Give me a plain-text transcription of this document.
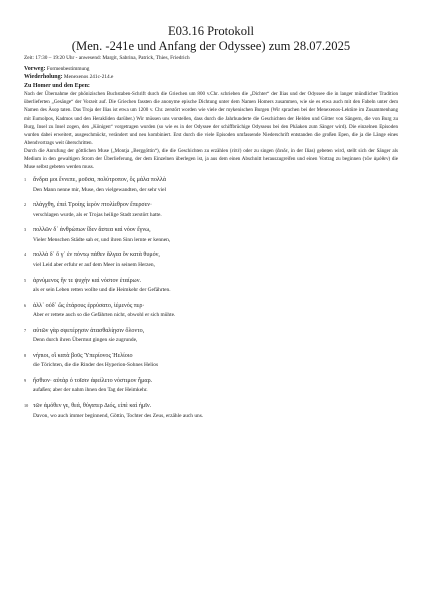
E03.16 Protokoll

(Men. -241e und Anfang der Odyssee) zum 28.07.2025

Zeit: 17:30 – 19:20 Uhr - anwesend: Margit, Sabrina, Patrick, Thies, Friedrich

Vorweg: Formenbestimmung

Wiederholung: Menexenos 241c-214.e

Zu Homer und den Epen:

Nach der Übernahme der phönizischen Buchstaben-Schrift durch die Griechen um 800 v.Chr. schrieben die „Dichter“ der Ilias und der Odyssee die in langer mündlicher Tradition überlieferten „Gesänge“ der Vorzeit auf. Die Griechen fassten die anonyme epische Dichtung unter dem Namen Homers zusammen, wie sie es etwa auch mit den Fabeln unter dem Namen des Äsop taten. Das Troja der Ilias ist etwa um 1200 v. Chr. zerstört worden wie viele der mykenischen Burgen (Wir sprachen bei der Menexenos-Lektüre im Zusammenhang mit Eumolpos, Kadmos und den Herakliden darüber.) Wir müssen uns vorstellen, dass durch die Jahrhunderte die Geschichten der Helden und Götter von Sängern, die von Burg zu Burg, Insel zu Insel zogen, den „Königen“ vorgetragen wurden (so wie es in der Odyssee der schiffbrüchige Odysseus bei den Phäaken zum Sänger wird). Die einzelnen Episoden wurden dabei erweitert, ausgeschmückt, verändert und neu kombiniert. Erst durch die viele Episoden umfassende Niederschrift entstanden die großen Epen, die ja die Länge eines Abendvortrags weit überschritten.

Durch die Anrufung der göttlichen Muse („Montja „Berggöttin“), die die Geschichten zu erzählen (εἰπέ) oder zu singen (ἄειδε, in der Ilias) gebeten wird, stellt sich der Sänger als Medium in den gewaltigen Strom der Überlieferung, der dem Einzelnen überlegen ist, ja aus dem einen Abschnitt herauszugreifen und einen Vortrag zu beginnen (τῶν ἁμόθεν) die Muse selbst gebeten werden muss.

1 ἄνδρα μοι ἔννεπε, μοῦσα, πολύτροπον, ὃς μάλα πολλὰ
Den Mann nenne mir, Muse, den vielgewandten, der sehr viel
2 πλάγχθη, ἐπεὶ Τροίης ἱερὸν πτολίεθρον ἔπερσεν·
verschlagen wurde, als er Trojas heilige Stadt zerstört hatte.
3 πολλῶν δ᾽ ἀνθρώπων ἴδεν ἄστεα καὶ νόον ἔγνω,
Vieler Menschen Städte sah er, und ihren Sinn lernte er kennen,
4 πολλὰ δ᾽ ὅ γ᾽ ἐν πόντῳ πάθεν ἄλγεα ὃν κατὰ θυμόν,
viel Leid aber erfuhr er auf dem Meer in seinem Herzen,
5 ἀρνύμενος ἥν τε ψυχὴν καὶ νόστον ἑταίρων.
als er sein Leben retten wollte und die Heimkehr der Gefährten.
6 ἀλλ᾽ οὐδ᾽ ὣς ἑτάρους ἐρρύσατο, ἱέμενός περ·
Aber er rettete auch so die Gefährten nicht, obwohl er sich mühte.
7 αὐτῶν γὰρ σφετέρῃσιν ἀτασθαλίῃσιν ὄλοντο,
Denn durch ihren Übermut gingen sie zugrunde,
8 νήπιοι, οἳ κατὰ βοῦς Ὑπερίονος Ἠελίοιο
die Törichten, die die Rinder des Hyperion-Sohnes Helios
9 ἤσθιον· αὐτὰρ ὁ τοῖσιν ἀφείλετο νόστιμον ἦμαρ.
aufaßen; aber der nahm ihnen den Tag der Heimkehr.
10 τῶν ἁμόθεν γε, θεά, θύγατερ Διός, εἰπὲ καὶ ἡμῖν.
Davon, wo auch immer beginnend, Göttin, Tochter des Zeus, erzähle auch uns.
